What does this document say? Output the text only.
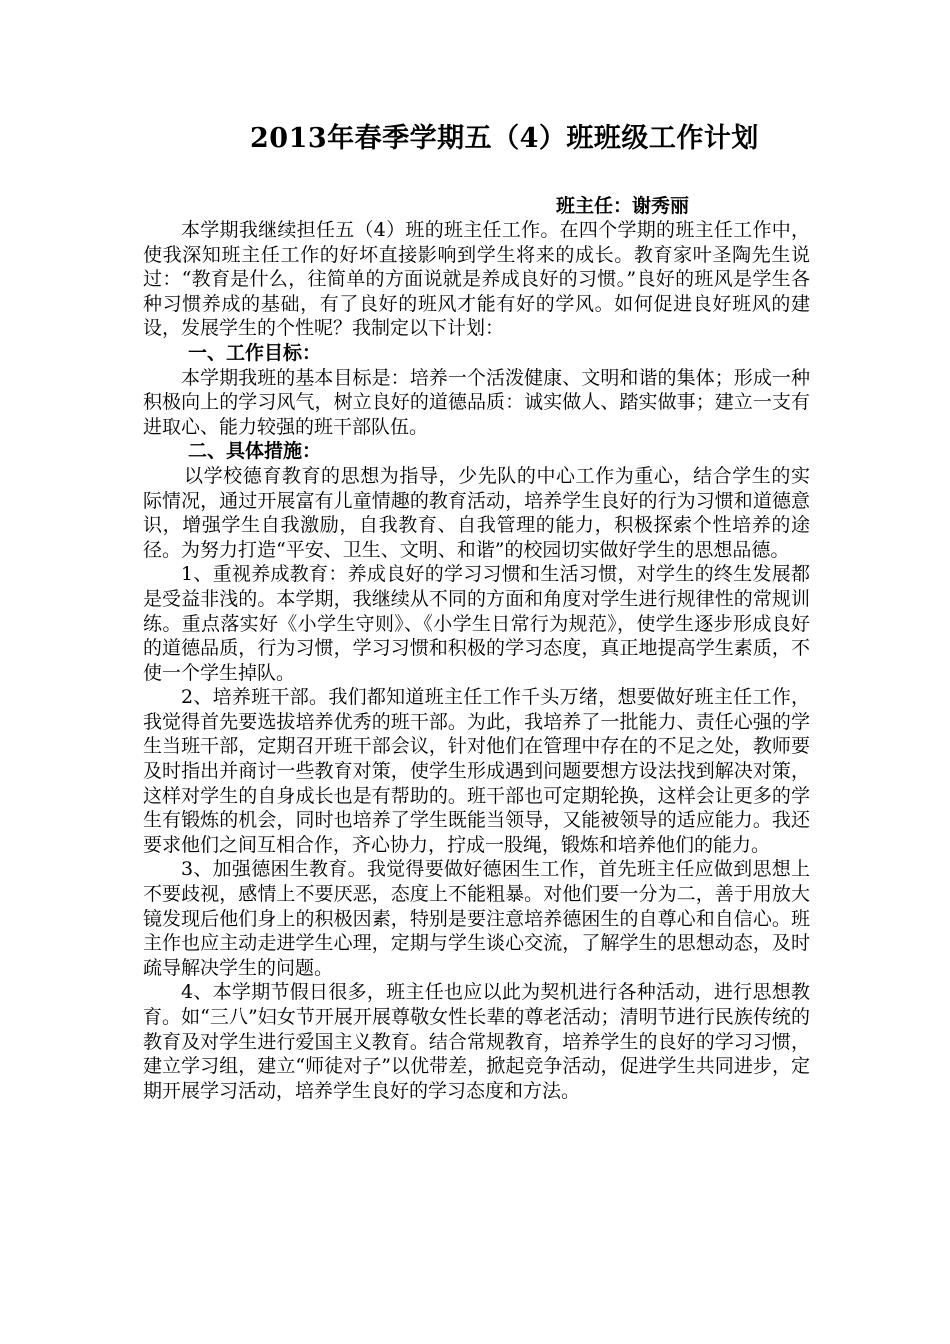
2013年春季学期五（4）班班级工作计划
班主任：谢秀丽

本学期我继续担任五（4）班的班主任工作。在四个学期的班主任工作中，使我深知班主任工作的好坏直接影响到学生将来的成长。教育家叶圣陶先生说过：“教育是什么，往简单的方面说就是养成良好的习惯。”良好的班风是学生各种习惯养成的基础，有了良好的班风才能有好的学风。如何促进良好班风的建设，发展学生的个性呢？我制定以下计划：

一、工作目标：

本学期我班的基本目标是：培养一个活泼健康、文明和谐的集体；形成一种积极向上的学习风气，树立良好的道德品质：诚实做人、踏实做事；建立一支有进取心、能力较强的班干部队伍。

二、具体措施：

以学校德育教育的思想为指导，少先队的中心工作为重心，结合学生的实际情况，通过开展富有儿童情趣的教育活动，培养学生良好的行为习惯和道德意识，增强学生自我激励，自我教育、自我管理的能力，积极探索个性培养的途径。为努力打造“平安、卫生、文明、和谐”的校园切实做好学生的思想品德。

1、重视养成教育：养成良好的学习习惯和生活习惯，对学生的终生发展都是受益非浅的。本学期，我继续从不同的方面和角度对学生进行规律性的常规训练。重点落实好《小学生守则》、《小学生日常行为规范》，使学生逐步形成良好的道德品质，行为习惯，学习习惯和积极的学习态度，真正地提高学生素质，不使一个学生掉队。

2、培养班干部。我们都知道班主任工作千头万绪，想要做好班主任工作，我觉得首先要选拔培养优秀的班干部。为此，我培养了一批能力、责任心强的学生当班干部，定期召开班干部会议，针对他们在管理中存在的不足之处，教师要及时指出并商讨一些教育对策，使学生形成遇到问题要想方设法找到解决对策，这样对学生的自身成长也是有帮助的。班干部也可定期轮换，这样会让更多的学生有锻炼的机会，同时也培养了学生既能当领导，又能被领导的适应能力。我还要求他们之间互相合作，齐心协力，拧成一股绳，锻炼和培养他们的能力。

3、加强德困生教育。我觉得要做好德困生工作，首先班主任应做到思想上不要歧视，感情上不要厌恶，态度上不能粗暴。对他们要一分为二，善于用放大镜发现后他们身上的积极因素，特别是要注意培养德困生的自尊心和自信心。班主作也应主动走进学生心理，定期与学生谈心交流，了解学生的思想动态，及时疏导解决学生的问题。

4、本学期节假日很多，班主任也应以此为契机进行各种活动，进行思想教育。如“三八”妇女节开展开展尊敬女性长辈的尊老活动；清明节进行民族传统的教育及对学生进行爱国主义教育。结合常规教育，培养学生的良好的学习习惯，建立学习组，建立“师徒对子”以优带差，掀起竞争活动，促进学生共同进步，定期开展学习活动，培养学生良好的学习态度和方法。
